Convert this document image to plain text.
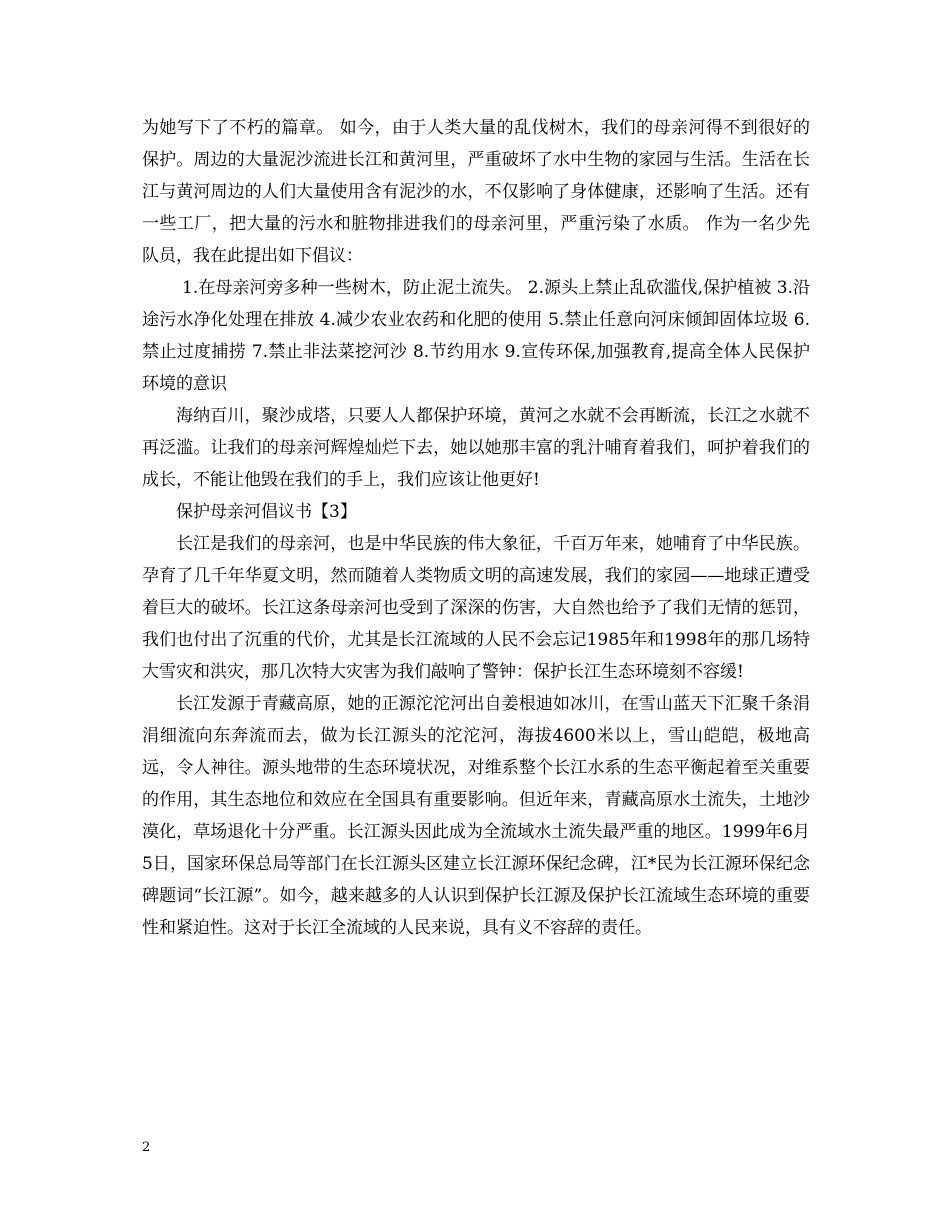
为她写下了不朽的篇章。 如今，由于人类大量的乱伐树木，我们的母亲河得不到很好的保护。周边的大量泥沙流进长江和黄河里，严重破坏了水中生物的家园与生活。生活在长江与黄河周边的人们大量使用含有泥沙的水，不仅影响了身体健康，还影响了生活。还有一些工厂，把大量的污水和脏物排进我们的母亲河里，严重污染了水质。 作为一名少先队员，我在此提出如下倡议：

1.在母亲河旁多种一些树木，防止泥土流失。 2.源头上禁止乱砍滥伐,保护植被 3.沿途污水净化处理在排放 4.减少农业农药和化肥的使用 5.禁止任意向河床倾卸固体垃圾 6.禁止过度捕捞 7.禁止非法菜挖河沙 8.节约用水 9.宣传环保,加强教育,提高全体人民保护环境的意识

海纳百川，聚沙成塔，只要人人都保护环境，黄河之水就不会再断流，长江之水就不再泛滥。让我们的母亲河辉煌灿烂下去，她以她那丰富的乳汁哺育着我们，呵护着我们的成长，不能让他毁在我们的手上，我们应该让他更好!

保护母亲河倡议书【3】

长江是我们的母亲河，也是中华民族的伟大象征，千百万年来，她哺育了中华民族。孕育了几千年华夏文明，然而随着人类物质文明的高速发展，我们的家园——地球正遭受着巨大的破坏。长江这条母亲河也受到了深深的伤害，大自然也给予了我们无情的惩罚，我们也付出了沉重的代价，尤其是长江流域的人民不会忘记1985年和1998年的那几场特大雪灾和洪灾，那几次特大灾害为我们敲响了警钟：保护长江生态环境刻不容缓!

长江发源于青藏高原，她的正源沱沱河出自姜根迪如冰川，在雪山蓝天下汇聚千条涓涓细流向东奔流而去，做为长江源头的沱沱河，海拔4600米以上，雪山皑皑，极地高远，令人神往。源头地带的生态环境状况，对维系整个长江水系的生态平衡起着至关重要的作用，其生态地位和效应在全国具有重要影响。但近年来，青藏高原水土流失，土地沙漠化，草场退化十分严重。长江源头因此成为全流域水土流失最严重的地区。1999年6月5日，国家环保总局等部门在长江源头区建立长江源环保纪念碑，江*民为长江源环保纪念碑题词“长江源”。如今，越来越多的人认识到保护长江源及保护长江流域生态环境的重要性和紧迫性。这对于长江全流域的人民来说，具有义不容辞的责任。

2
